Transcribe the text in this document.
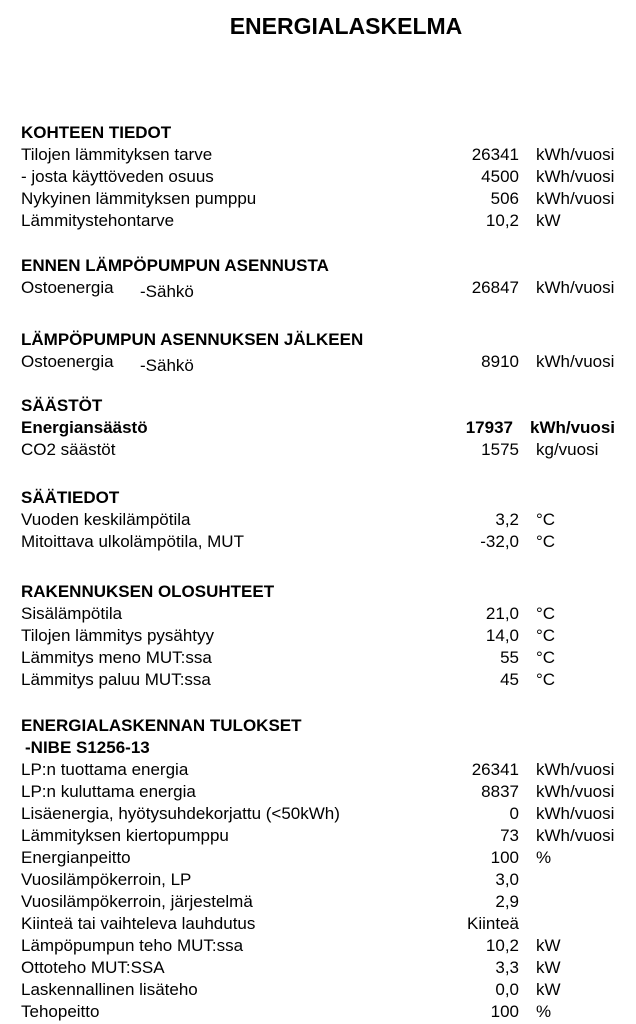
ENERGIALASKELMA
KOHTEEN TIEDOT
Tilojen lämmityksen tarve	26341 kWh/vuosi
- josta käyttöveden osuus	4500 kWh/vuosi
Nykyinen lämmityksen pumppu	506 kWh/vuosi
Lämmitystehontarve	10,2 kW
ENNEN LÄMPÖPUMPUN ASENNUSTA
Ostoenergia	-Sähkö	26847 kWh/vuosi
LÄMPÖPUMPUN ASENNUKSEN JÄLKEEN
Ostoenergia	-Sähkö	8910 kWh/vuosi
SÄÄSTÖT
Energiansäästö	17937 kWh/vuosi
CO2 säästöt	1575 kg/vuosi
SÄÄTIEDOT
Vuoden keskilämpötila	3,2 °C
Mitoittava ulkolämpötila, MUT	-32,0 °C
RAKENNUKSEN OLOSUHTEET
Sisälämpötila	21,0 °C
Tilojen lämmitys pysähtyy	14,0 °C
Lämmitys meno MUT:ssa	55 °C
Lämmitys paluu MUT:ssa	45 °C
ENERGIALASKENNAN TULOKSET
-NIBE S1256-13
LP:n tuottama energia	26341 kWh/vuosi
LP:n kuluttama energia	8837 kWh/vuosi
Lisäenergia, hyötysuhdekorjattu (<50kWh)	0 kWh/vuosi
Lämmityksen kiertopumppu	73 kWh/vuosi
Energianpeitto	100 %
Vuosilämpökerroin, LP	3,0
Vuosilämpökerroin, järjestelmä	2,9
Kiinteä tai vaihteleva lauhdutus	Kiinteä
Lämpöpumpun teho MUT:ssa	10,2 kW
Ottoteho MUT:SSA	3,3 kW
Laskennallinen lisäteho	0,0 kW
Tehopeitto	100 %
